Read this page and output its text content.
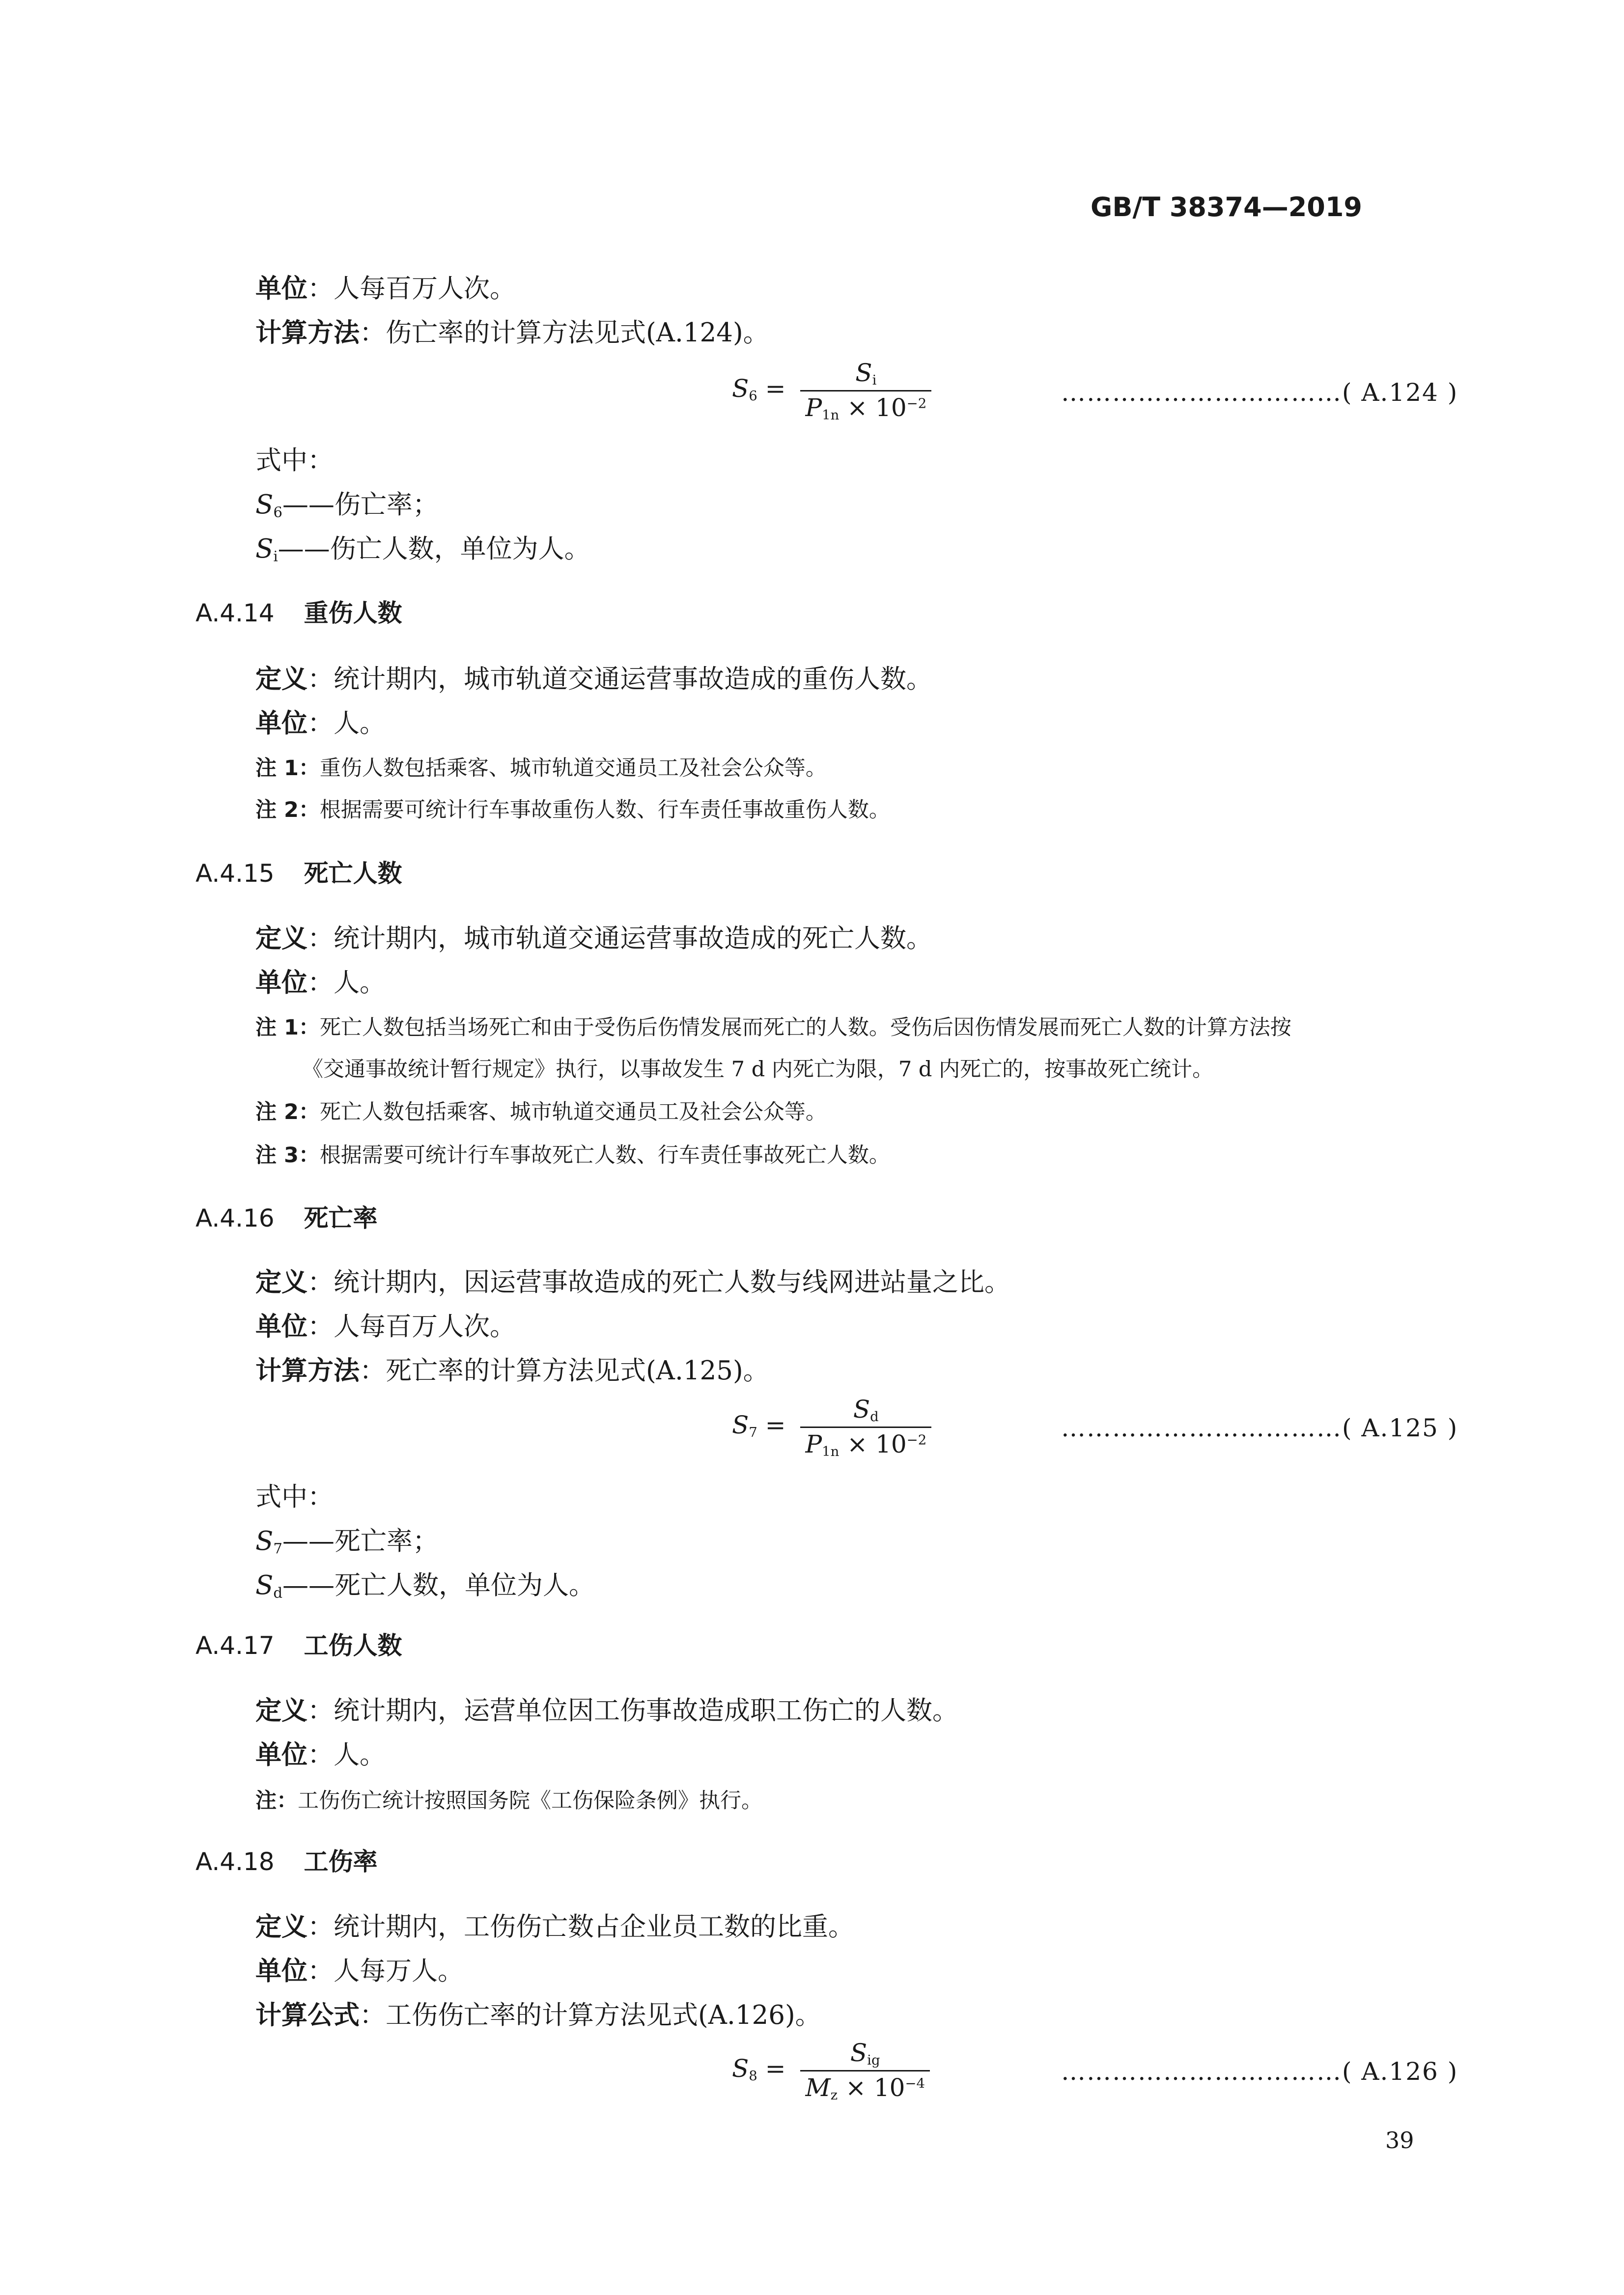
GB/T 38374—2019
单位：人每百万人次。
计算方法：伤亡率的计算方法见式(A.124)。
$S_6 = \frac{S_i}{P_{1n} \times 10^{-2}}$	……………………………( A.124 )
式中：
$S_6——$伤亡率；
$S_i——$伤亡人数，单位为人。
A.4.14 重伤人数
定义：统计期内，城市轨道交通运营事故造成的重伤人数。
单位：人。
注 1：重伤人数包括乘客、城市轨道交通员工及社会公众等。
注 2：根据需要可统计行车事故重伤人数、行车责任事故重伤人数。
A.4.15 死亡人数
定义：统计期内，城市轨道交通运营事故造成的死亡人数。
单位：人。
注 1：死亡人数包括当场死亡和由于受伤后伤情发展而死亡的人数。受伤后因伤情发展而死亡人数的计算方法按
《交通事故统计暂行规定》执行，以事故发生 7 d 内死亡为限，7 d 内死亡的，按事故死亡统计。
注 2：死亡人数包括乘客、城市轨道交通员工及社会公众等。
注 3：根据需要可统计行车事故死亡人数、行车责任事故死亡人数。
A.4.16 死亡率
定义：统计期内，因运营事故造成的死亡人数与线网进站量之比。
单位：人每百万人次。
计算方法：死亡率的计算方法见式(A.125)。
$S_7 = \frac{S_d}{P_{1n} \times 10^{-2}}$	……………………………( A.125 )
式中：
$S_7——$死亡率；
$S_d——$死亡人数，单位为人。
A.4.17 工伤人数
定义：统计期内，运营单位因工伤事故造成职工伤亡的人数。
单位：人。
注：工伤伤亡统计按照国务院《工伤保险条例》执行。
A.4.18 工伤率
定义：统计期内，工伤伤亡数占企业员工数的比重。
单位：人每万人。
计算公式：工伤伤亡率的计算方法见式(A.126)。
$S_8 = \frac{S_{ig}}{M_z \times 10^{-4}}$	……………………………( A.126 )
39
